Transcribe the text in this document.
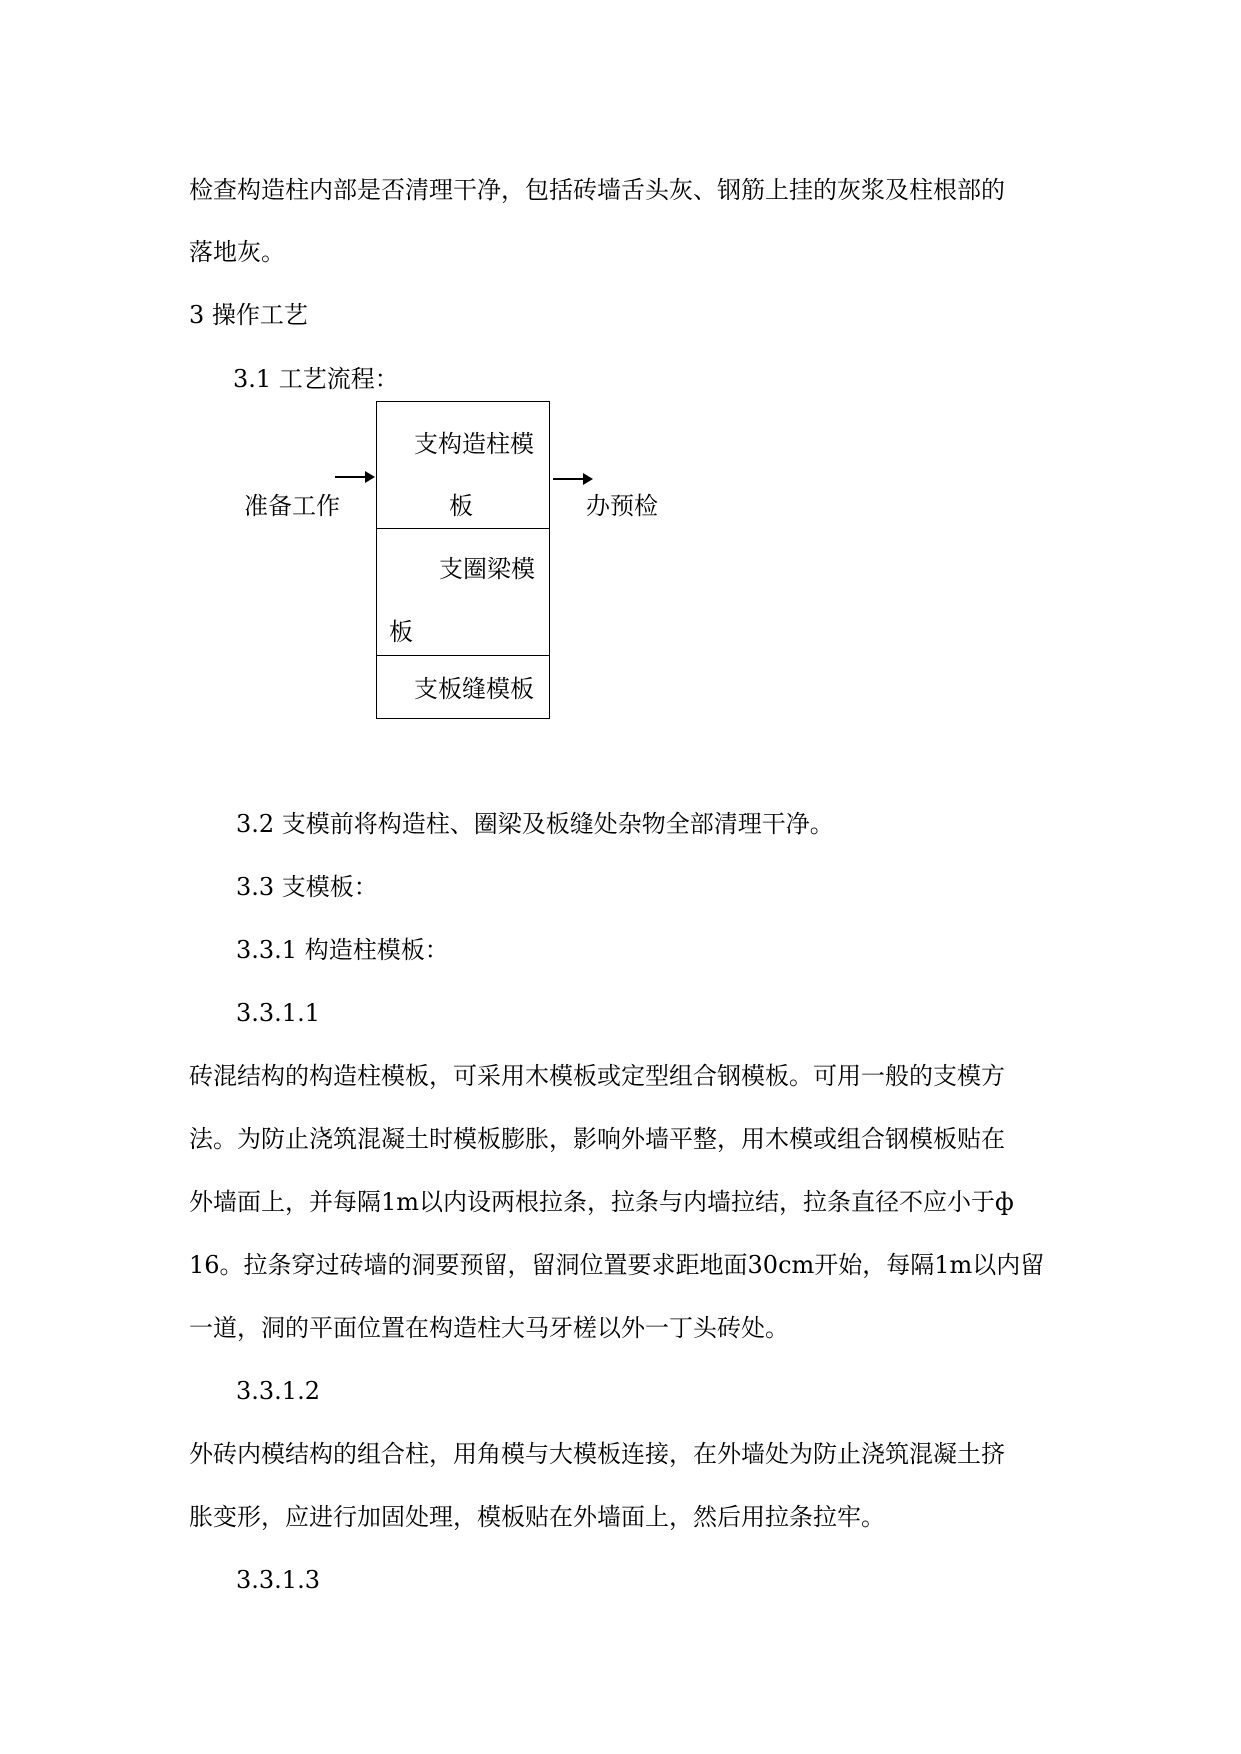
检查构造柱内部是否清理干净，包括砖墙舌头灰、钢筋上挂的灰浆及柱根部的
落地灰。
3 操作工艺
3.1 工艺流程：
准备工作
支构造柱模
板
支圈梁模
板
支板缝模板
办预检
3.2 支模前将构造柱、圈梁及板缝处杂物全部清理干净。
3.3 支模板：
3.3.1 构造柱模板：
3.3.1.1
砖混结构的构造柱模板，可采用木模板或定型组合钢模板。可用一般的支模方
法。为防止浇筑混凝土时模板膨胀，影响外墙平整，用木模或组合钢模板贴在
外墙面上，并每隔1m以内设两根拉条，拉条与内墙拉结，拉条直径不应小于ф
16。拉条穿过砖墙的洞要预留，留洞位置要求距地面30cm开始，每隔1m以内留
一道，洞的平面位置在构造柱大马牙槎以外一丁头砖处。
3.3.1.2
外砖内模结构的组合柱，用角模与大模板连接，在外墙处为防止浇筑混凝土挤
胀变形，应进行加固处理，模板贴在外墙面上，然后用拉条拉牢。
3.3.1.3
